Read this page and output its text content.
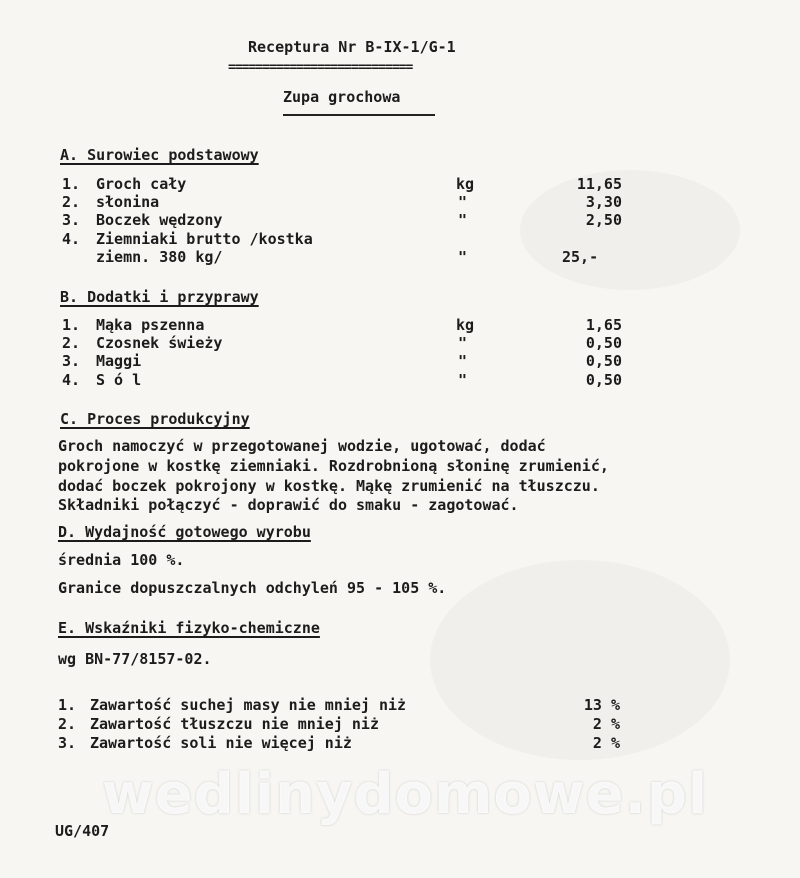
Receptura Nr B-IX-1/G-1
===========================
Zupa grochowa
A. Surowiec podstawowy
1. Groch cały	kg	11,65
2. słonina	"	3,30
3. Boczek wędzony	"	2,50
4. Ziemniaki brutto /kostka
ziemn. 380 kg/	"	25,-
B. Dodatki i przyprawy
1. Mąka pszenna	kg	1,65
2. Czosnek świeży	"	0,50
3. Maggi	"	0,50
4. S ó l	"	0,50
C. Proces produkcyjny
Groch namoczyć w przegotowanej wodzie, ugotować, dodać
pokrojone w kostkę ziemniaki. Rozdrobnioną słoninę zrumienić,
dodać boczek pokrojony w kostkę. Mąkę zrumienić na tłuszczu.
Składniki połączyć - doprawić do smaku - zagotować.
D. Wydajność gotowego wyrobu
średnia 100 %.
Granice dopuszczalnych odchyleń 95 - 105 %.
E. Wskaźniki fizyko-chemiczne
wg BN-77/8157-02.
1. Zawartość suchej masy nie mniej niż	13 %
2. Zawartość tłuszczu nie mniej niż	2 %
3. Zawartość soli nie więcej niż	2 %
wedlinydomowe.pl
UG/407
